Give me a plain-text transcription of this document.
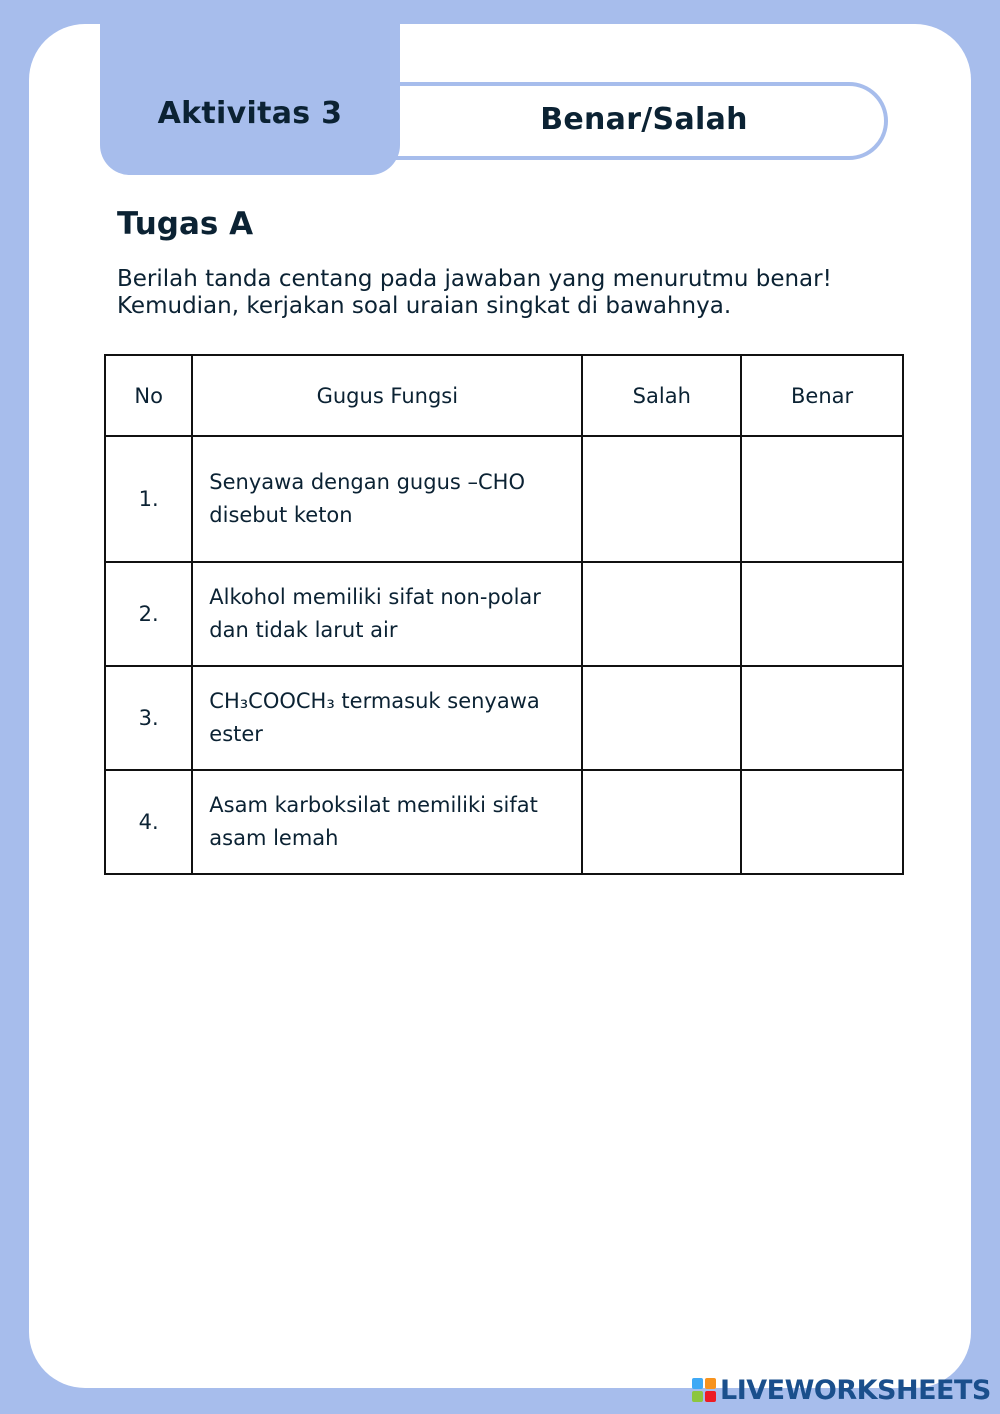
Aktivitas 3	Benar/Salah
Tugas A

Berilah tanda centang pada jawaban yang menurutmu benar!

Kemudian, kerjakan soal uraian singkat di bawahnya.

No	Gugus Fungsi	Salah	Benar
1.	Senyawa dengan gugus –CHO
disebut keton		
2.	Alkohol memiliki sifat non-polar
dan tidak larut air		
3.	CH₃COOCH₃ termasuk senyawa
ester		
4.	Asam karboksilat memiliki sifat
asam lemah		
LIVEWORKSHEETS
